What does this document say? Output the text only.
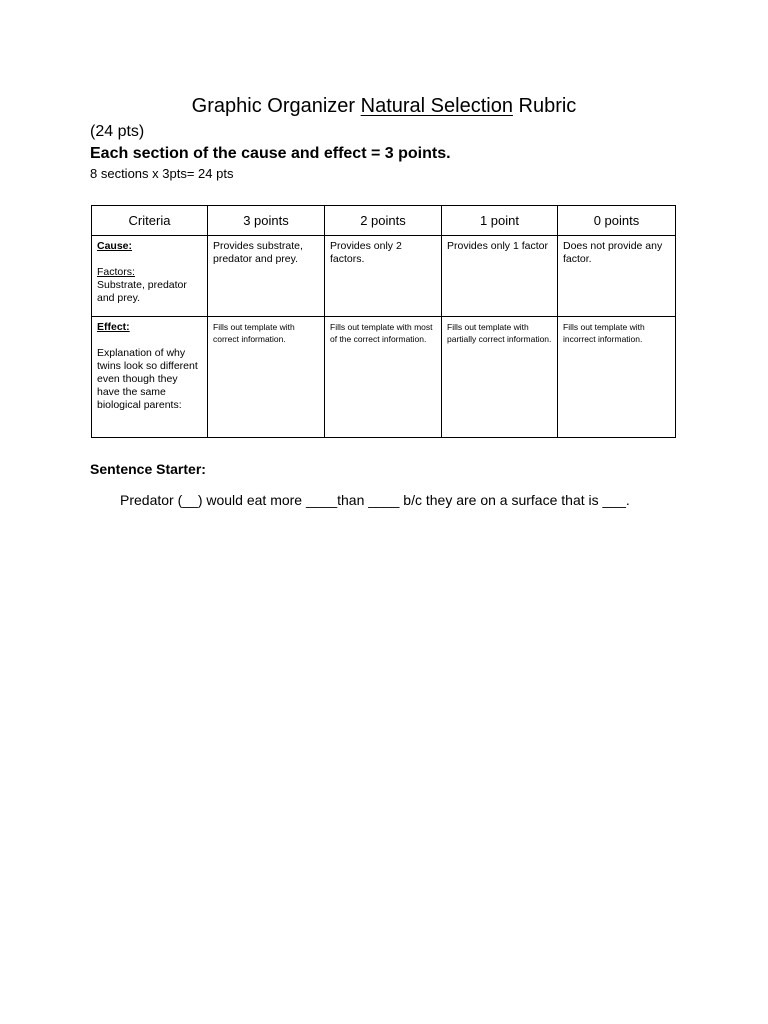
Graphic Organizer Natural Selection Rubric
(24 pts)
Each section of the cause and effect = 3 points.
8 sections x 3pts= 24 pts
Criteria	3 points	2 points	1 point	0 points

Cause:
Factors:
Substrate, predator and prey.	Provides substrate, predator and prey.	Provides only 2 factors.	Provides only 1 factor	Does not provide any factor.

Effect:
Explanation of why twins look so different even though they have the same biological parents:	Fills out template with correct information.	Fills out template with most of the correct information.	Fills out template with partially correct information.	Fills out template with incorrect information.
Sentence Starter:
Predator (__) would eat more ____than ____ b/c they are on a surface that is ___.
